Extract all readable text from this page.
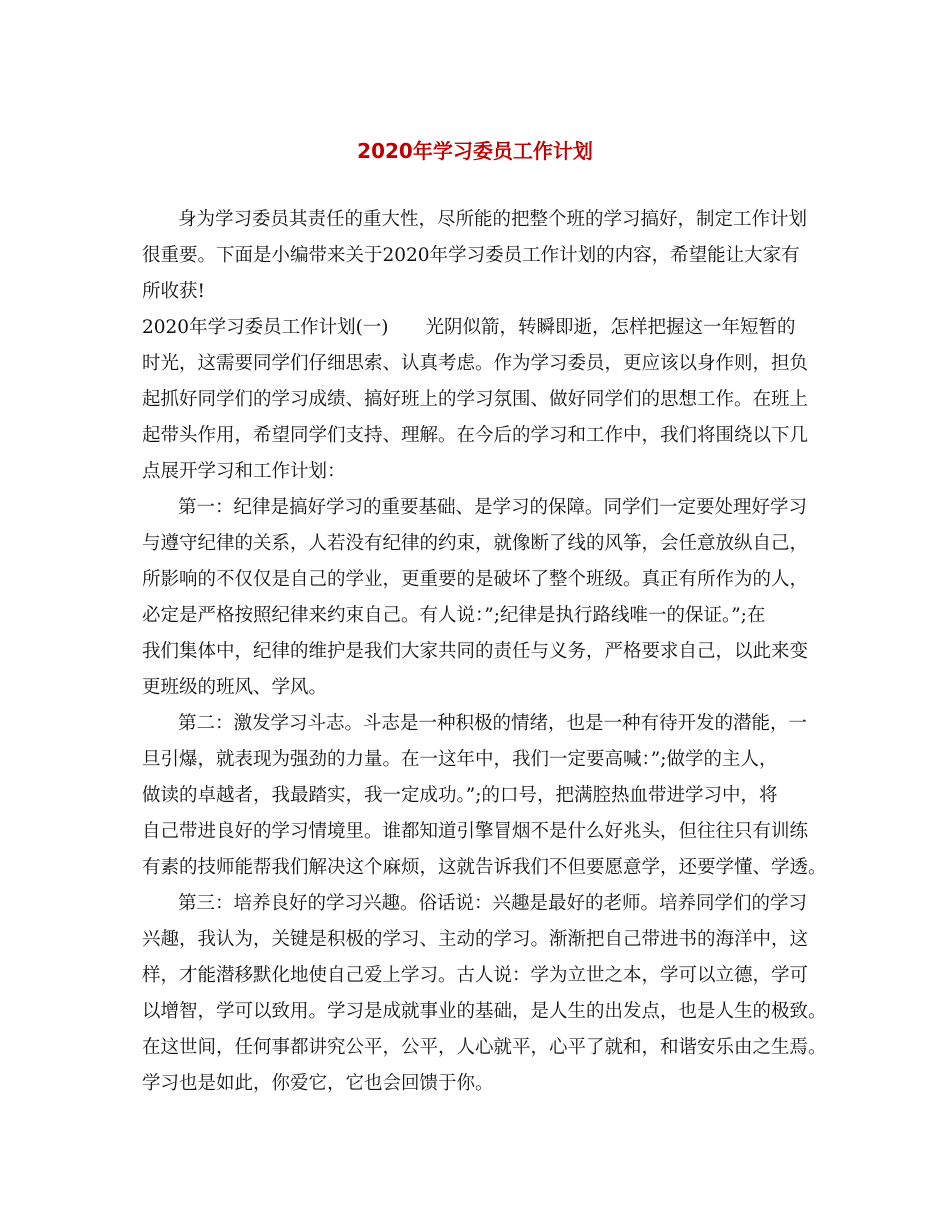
2020年学习委员工作计划
身为学习委员其责任的重大性，尽所能的把整个班的学习搞好，制定工作计划
很重要。下面是小编带来关于2020年学习委员工作计划的内容，希望能让大家有
所收获!
2020年学习委员工作计划(一)　　光阴似箭，转瞬即逝，怎样把握这一年短暂的
时光，这需要同学们仔细思索、认真考虑。作为学习委员，更应该以身作则，担负
起抓好同学们的学习成绩、搞好班上的学习氛围、做好同学们的思想工作。在班上
起带头作用，希望同学们支持、理解。在今后的学习和工作中，我们将围绕以下几
点展开学习和工作计划：
第一：纪律是搞好学习的重要基础、是学习的保障。同学们一定要处理好学习
与遵守纪律的关系，人若没有纪律的约束，就像断了线的风筝，会任意放纵自己，
所影响的不仅仅是自己的学业，更重要的是破坏了整个班级。真正有所作为的人，
必定是严格按照纪律来约束自己。有人说：”;纪律是执行路线唯一的保证。”;在
我们集体中，纪律的维护是我们大家共同的责任与义务，严格要求自己，以此来变
更班级的班风、学风。
第二：激发学习斗志。斗志是一种积极的情绪，也是一种有待开发的潜能，一
旦引爆，就表现为强劲的力量。在一这年中，我们一定要高喊：”;做学的主人，
做读的卓越者，我最踏实，我一定成功。”;的口号，把满腔热血带进学习中，将
自己带进良好的学习情境里。谁都知道引擎冒烟不是什么好兆头，但往往只有训练
有素的技师能帮我们解决这个麻烦，这就告诉我们不但要愿意学，还要学懂、学透。
第三：培养良好的学习兴趣。俗话说：兴趣是最好的老师。培养同学们的学习
兴趣，我认为，关键是积极的学习、主动的学习。渐渐把自己带进书的海洋中，这
样，才能潜移默化地使自己爱上学习。古人说：学为立世之本，学可以立德，学可
以增智，学可以致用。学习是成就事业的基础，是人生的出发点，也是人生的极致。
在这世间，任何事都讲究公平，公平，人心就平，心平了就和，和谐安乐由之生焉。
学习也是如此，你爱它，它也会回馈于你。
